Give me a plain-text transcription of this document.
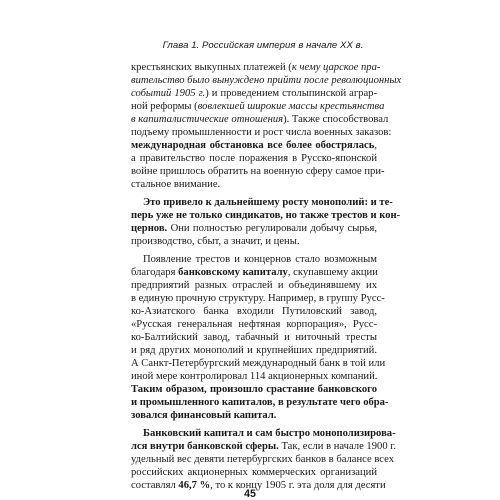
Глава 1. Российская империя в начале XX в.
крестьянских выкупных платежей (к чему царское пра-
вительство было вынуждено прийти после революционных
событий 1905 г.) и проведением столыпинской аграр-
ной реформы (вовлекшей широкие массы крестьянства
в капиталистические отношения). Также способствовал
подъему промышленности и рост числа военных заказов:
международная обстановка все более обострялась,
а правительство после поражения в Русско-японской
войне пришлось обратить на военную сферу самое при-
стальное внимание.
Это привело к дальнейшему росту монополий: и те-
перь уже не только синдикатов, но также трестов и кон-
цернов. Они полностью регулировали добычу сырья,
производство, сбыт, а значит, и цены.
Появление трестов и концернов стало возможным
благодаря банковскому капиталу, скупавшему акции
предприятий разных отраслей и объединявшему их
в единую прочную структуру. Например, в группу Русс-
ко-Азиатского банка входили Путиловский завод,
«Русская генеральная нефтяная корпорация», Русс-
ко-Балтийский завод, табачный и ниточный тресты
и ряд других монополий и крупнейших предприятий.
А Санкт-Петербургский международный банк в той или
иной мере контролировал 114 акционерных компаний.
Таким образом, произошло срастание банковского
и промышленного капиталов, в результате чего обра-
зовался финансовый капитал.
Банковский капитал и сам быстро монополизирова-
лся внутри банковской сферы. Так, если в начале 1900 г.
удельный вес девяти петербургских банков в балансе всех
российских акционерных коммерческих организаций
составлял 46,7 %, то к концу 1905 г. эта доля для десяти
45
